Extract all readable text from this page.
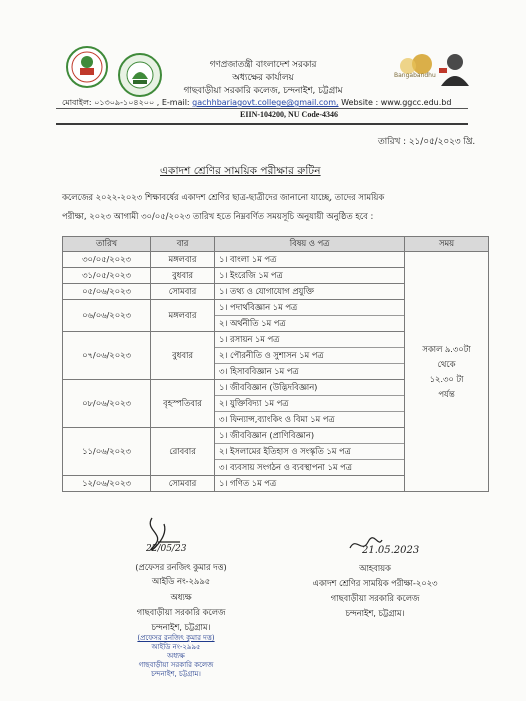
Bangabandhu
গণপ্রজাতন্ত্রী বাংলাদেশ সরকার
অধ্যক্ষের কার্যালয়
গাছবাড়ীয়া সরকারি কলেজ, চন্দনাইশ, চট্টগ্রাম
মোবাইল: ০১৩০৯-১০৪২০০ , E-mail: gachhbariagovt.college@gmail.com, Website : www.ggcc.edu.bd
EIIN-104200, NU Code-4346
তারিখ : ২১/০৫/২০২৩ খ্রি.
একাদশ শ্রেণির সাময়িক পরীক্ষার রুটিন
কলেজের ২০২২-২০২৩ শিক্ষাবর্ষের একাদশ শ্রেণির ছাত্র-ছাত্রীদের জানানো যাচ্ছে, তাদের সাময়িক
পরীক্ষা, ২০২৩ আগামী ৩০/০৫/২০২৩ তারিখ হতে নিম্নবর্ণিত সময়সূচি অনুযায়ী অনুষ্ঠিত হবে :
তারিখ	বার	বিষয় ও পত্র	সময়
৩০/০৫/২০২৩	মঙ্গলবার	১। বাংলা ১ম পত্র	সকাল ৯.৩০টা
থেকে
১২.৩০ টা
পর্যন্ত

৩১/০৫/২০২৩	বুধবার	১। ইংরেজি ১ম পত্র	

০৫/০৬/২০২৩	সোমবার	১। তথ্য ও যোগাযোগ প্রযুক্তি	

০৬/০৬/২০২৩	মঙ্গলবার	১। পদার্থবিজ্ঞান ১ম পত্র
২। অর্থনীতি ১ম পত্র	

০৭/০৬/২০২৩	বুধবার	১। রসায়ন ১ম পত্র
২। পৌরনীতি ও সুশাসন ১ম পত্র
৩। হিসাববিজ্ঞান ১ম পত্র	

০৮/০৬/২০২৩	বৃহস্পতিবার	১। জীববিজ্ঞান (উদ্ভিদবিজ্ঞান)
২। যুক্তিবিদ্যা ১ম পত্র
৩। ফিন্যান্স,ব্যাংকিং ও বিমা ১ম পত্র	

১১/০৬/২০২৩	রোববার	১। জীববিজ্ঞান (প্রাণিবিজ্ঞান)
২। ইসলামের ইতিহাস ও সংস্কৃতি ১ম পত্র
৩। ব্যবসায় সংগঠন ও ব্যবস্থাপনা ১ম পত্র	

১২/০৬/২০২৩	সোমবার	১। গণিত ১ম পত্র	
22/05/23
(প্রফেসর রনজিৎ কুমার দত্ত)
আইডি নং-২৯৯৫
অধ্যক্ষ
গাছবাড়ীয়া সরকারি কলেজ
চন্দনাইশ, চট্টগ্রাম।
(প্রফেসর রনজিৎ কুমার দত্ত)
আইডি নং-২৯৯৫
অধ্যক্ষ
গাছবাড়ীয়া সরকারি কলেজ
চন্দনাইশ, চট্টগ্রাম।
21.05.2023
আহবায়ক
একাদশ শ্রেণির সাময়িক পরীক্ষা-২০২৩
গাছবাড়ীয়া সরকারি কলেজ
চন্দনাইশ, চট্টগ্রাম।
